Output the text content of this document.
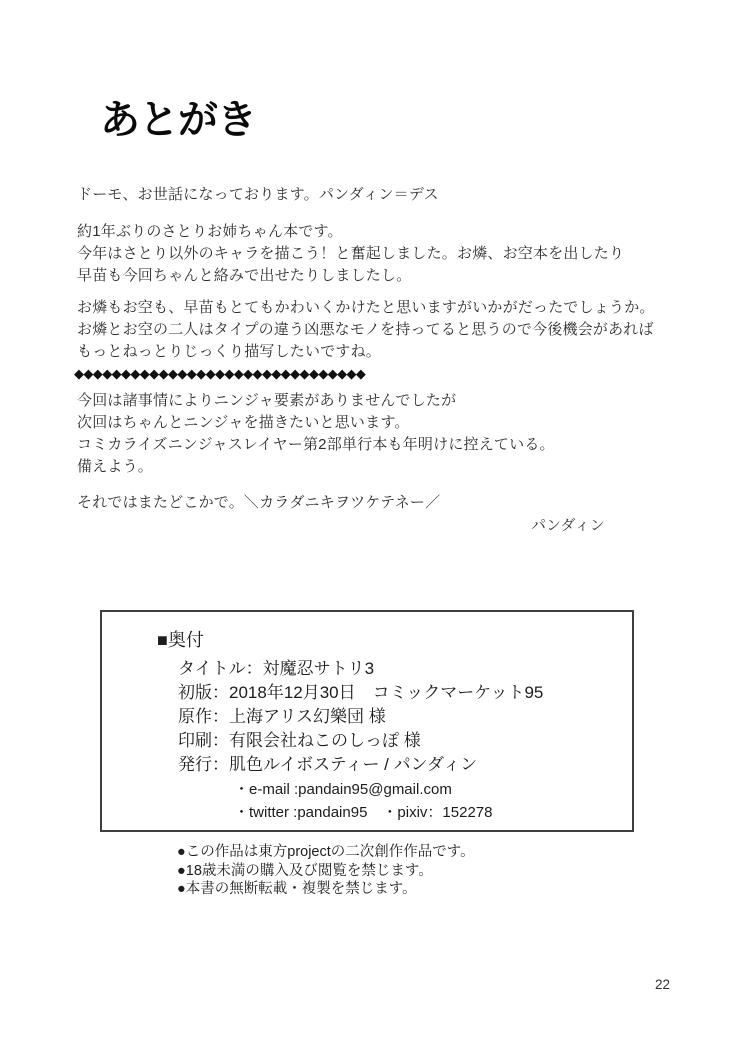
あとがき
ドーモ、お世話になっております。パンダィン＝デス
約1年ぶりのさとりお姉ちゃん本です。
今年はさとり以外のキャラを描こう！と奮起しました。お燐、お空本を出したり
早苗も今回ちゃんと絡みで出せたりしましたし。
お燐もお空も、早苗もとてもかわいくかけたと思いますがいかがだったでしょうか。
お燐とお空の二人はタイプの違う凶悪なモノを持ってると思うので今後機会があれば
もっとねっとりじっくり描写したいですね。
◆◆◆◆◆◆◆◆◆◆◆◆◆◆◆◆◆◆◆◆◆◆◆◆◆◆◆◆◆◆◆
今回は諸事情によりニンジャ要素がありませんでしたが
次回はちゃんとニンジャを描きたいと思います。
コミカライズニンジャスレイヤー第2部単行本も年明けに控えている。
備えよう。
それではまたどこかで。＼カラダニキヲツケテネー／
パンダィン
■奥付
タイトル：対魔忍サトリ3
初版：2018年12月30日　コミックマーケット95
原作：上海アリス幻樂団 様
印刷：有限会社ねこのしっぽ 様
発行：肌色ルイボスティー / パンダィン
・e-mail :pandain95@gmail.com
・twitter :pandain95　・pixiv：152278
●この作品は東方projectの二次創作作品です。
●18歳未満の購入及び閲覧を禁じます。
●本書の無断転載・複製を禁じます。
22
